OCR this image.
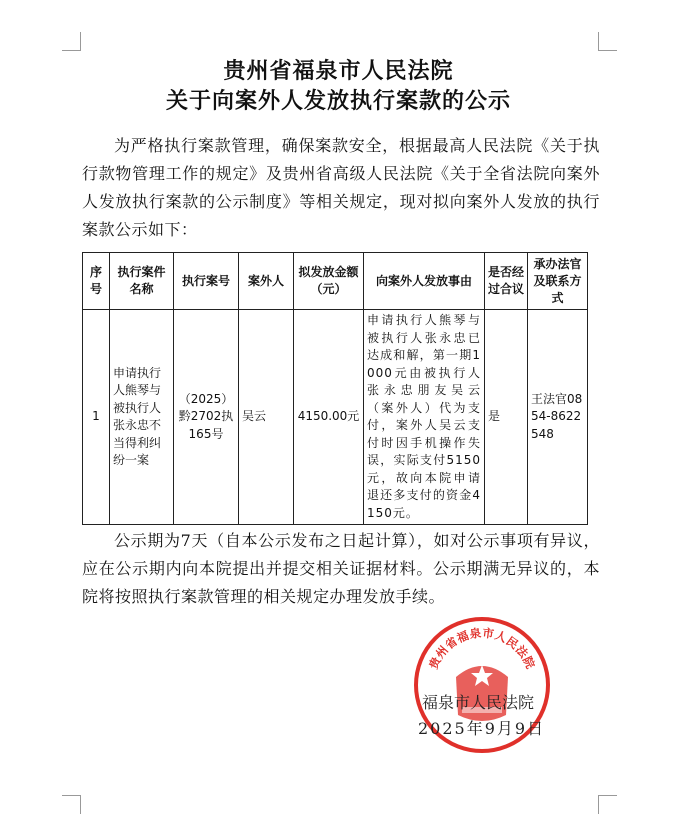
贵州省福泉市人民法院
关于向案外人发放执行案款的公示

为严格执行案款管理，确保案款安全，根据最高人民法院《关于执行款物管理工作的规定》及贵州省高级人民法院《关于全省法院向案外人发放执行案款的公示制度》等相关规定，现对拟向案外人发放的执行案款公示如下：

序号	执行案件名称	执行案号	案外人	拟发放金额（元）	向案外人发放事由	是否经过合议	承办法官及联系方式
1	申请执行人熊琴与被执行人张永忠不当得利纠纷一案	（2025）黔2702执165号	吴云	4150.00元	申请执行人熊琴与被执行人张永忠已达成和解，第一期1000元由被执行人张永忠朋友吴云（案外人）代为支付，案外人吴云支付时因手机操作失误，实际支付5150元，故向本院申请退还多支付的资金4150元。	是	王法官0854-8622548

公示期为7天（自本公示发布之日起计算），如对公示事项有异议，应在公示期内向本院提出并提交相关证据材料。公示期满无异议的，本院将按照执行案款管理的相关规定办理发放手续。

贵州省福泉市人民法院
福泉市人民法院
2025年9月9日
